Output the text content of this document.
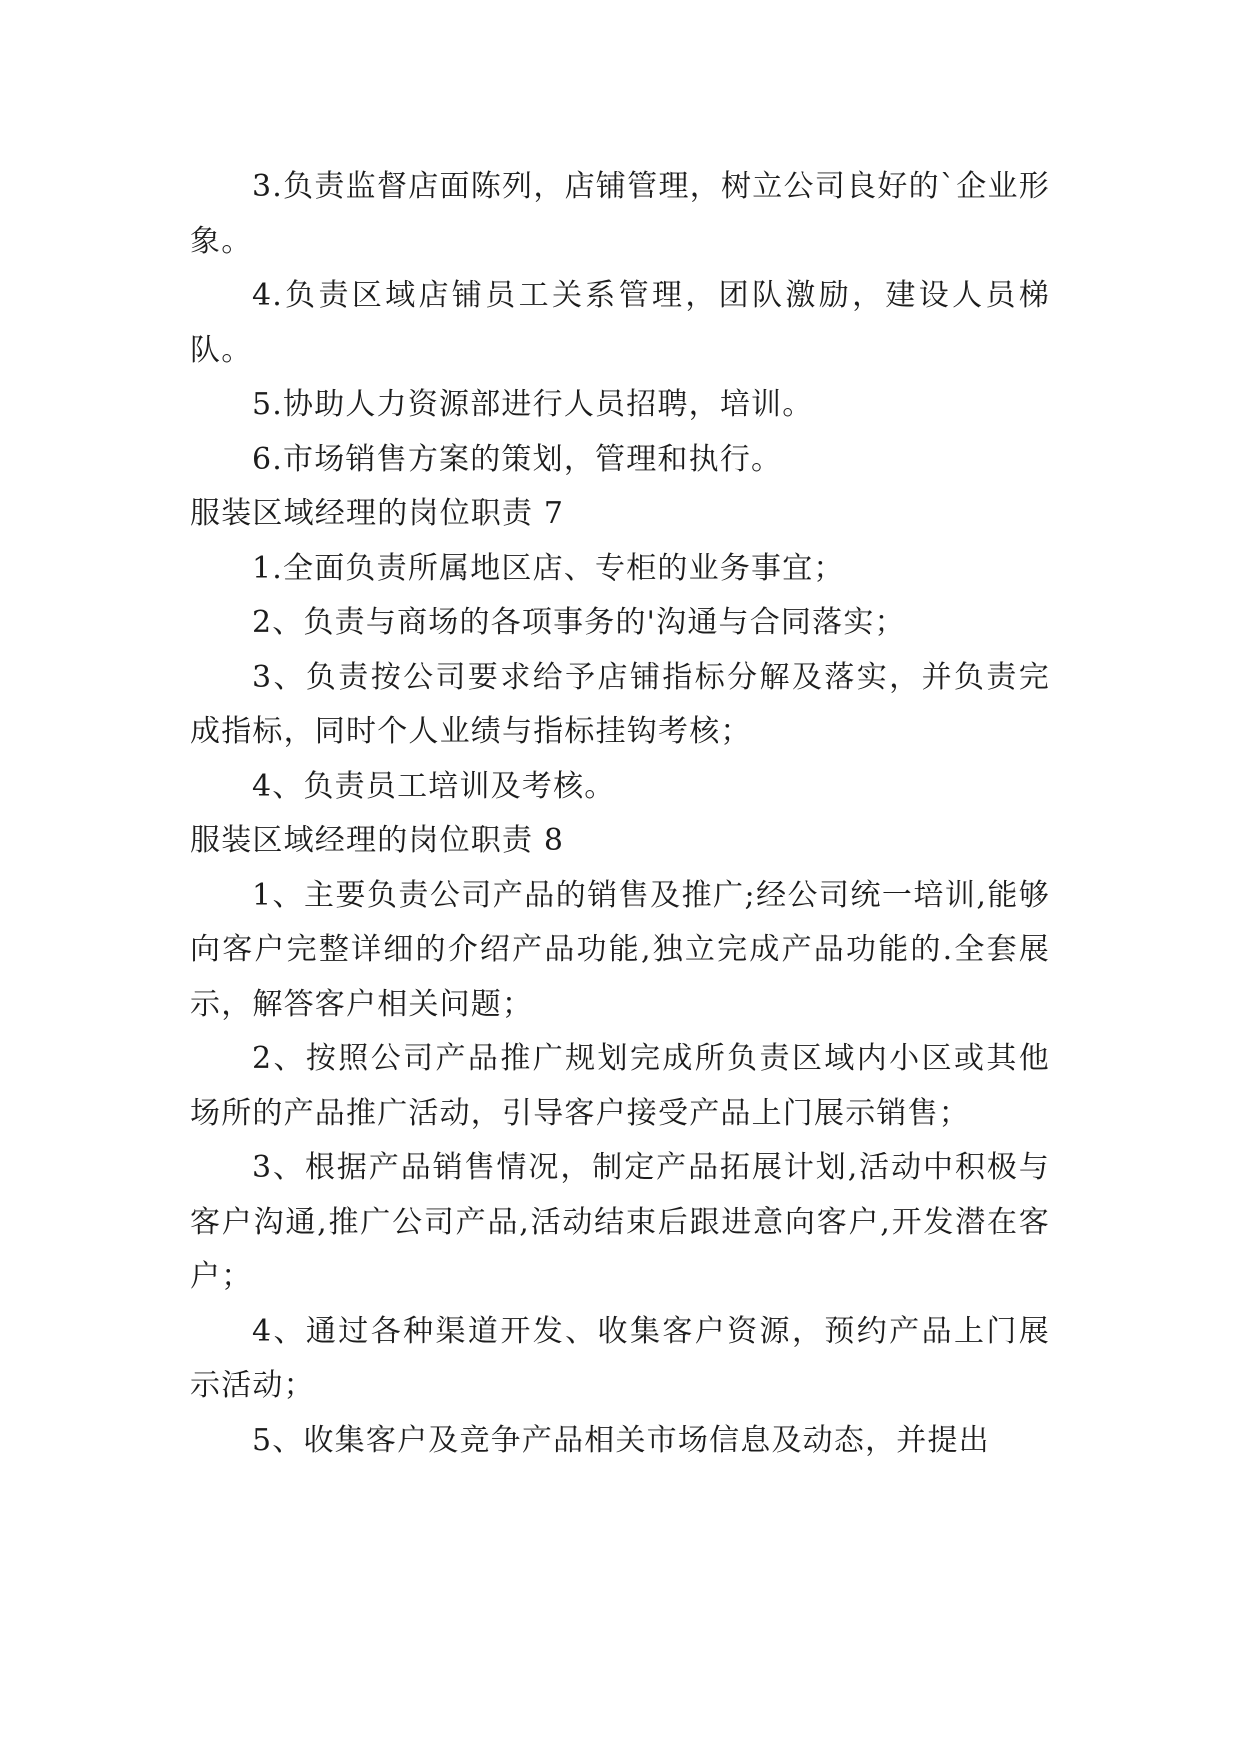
3.负责监督店面陈列，店铺管理，树立公司良好的`企业形象。

4.负责区域店铺员工关系管理，团队激励，建设人员梯队。

5.协助人力资源部进行人员招聘，培训。

6.市场销售方案的策划，管理和执行。

服装区域经理的岗位职责 7

1.全面负责所属地区店、专柜的业务事宜；

2、负责与商场的各项事务的'沟通与合同落实；

3、负责按公司要求给予店铺指标分解及落实，并负责完成指标，同时个人业绩与指标挂钩考核；

4、负责员工培训及考核。

服装区域经理的岗位职责 8

1、主要负责公司产品的销售及推广;经公司统一培训,能够向客户完整详细的介绍产品功能,独立完成产品功能的.全套展示，解答客户相关问题；

2、按照公司产品推广规划完成所负责区域内小区或其他场所的产品推广活动，引导客户接受产品上门展示销售；

3、根据产品销售情况，制定产品拓展计划,活动中积极与客户沟通,推广公司产品,活动结束后跟进意向客户,开发潜在客户；

4、通过各种渠道开发、收集客户资源，预约产品上门展示活动；

5、收集客户及竞争产品相关市场信息及动态，并提出
